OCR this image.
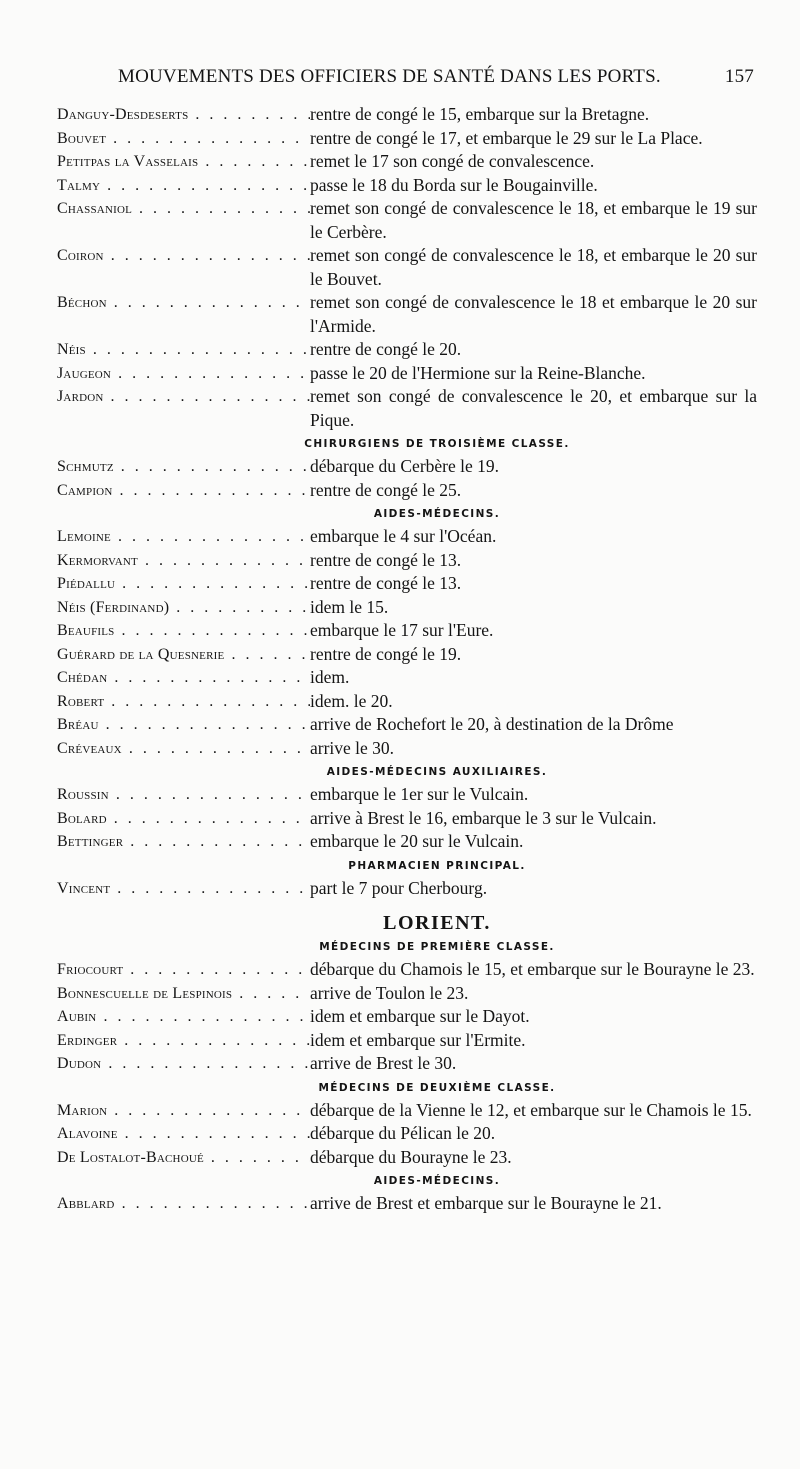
MOUVEMENTS DES OFFICIERS DE SANTÉ DANS LES PORTS.	157
Danguy-Desdeserts . . .	rentre de congé le 15, embarque sur la Bretagne.
Bouvet . . .	rentre de congé le 17, et embarque le 29 sur le La Place.
Petitpas la Vasselais . . .	remet le 17 son congé de convalescence.
Talmy . . .	passe le 18 du Borda sur le Bougainville.
Chassaniol . . .	remet son congé de convalescence le 18, et embarque le 19 sur le Cerbère.
Coiron . . .	remet son congé de convalescence le 18, et embarque le 20 sur le Bouvet.
Béchon . . .	remet son congé de convalescence le 18 et embarque le 20 sur l'Armide.
Néis . . .	rentre de congé le 20.
Jaugeon . . .	passe le 20 de l'Hermione sur la Reine-Blanche.
Jardon . . .	remet son congé de convalescence le 20, et embarque sur la Pique.
CHIRURGIENS DE TROISIÈME CLASSE.
Schmutz . . .	débarque du Cerbère le 19.
Campion . . .	rentre de congé le 25.
AIDES-MÉDECINS.
Lemoine . . .	embarque le 4 sur l'Océan.
Kermorvant . . .	rentre de congé le 13.
Piédallu . . .	rentre de congé le 13.
Néis (Ferdinand) . . .	idem le 15.
Beaufils . . .	embarque le 17 sur l'Eure.
Guérard de la Quesnerie . . .	rentre de congé le 19.
Chédan . . .	idem.
Robert . . .	idem. le 20.
Bréau . . .	arrive de Rochefort le 20, à destination de la Drôme
Créveaux . . .	arrive le 30.
AIDES-MÉDECINS AUXILIAIRES.
Roussin . . .	embarque le 1er sur le Vulcain.
Bolard . . .	arrive à Brest le 16, embarque le 3 sur le Vulcain.
Bettinger . . .	embarque le 20 sur le Vulcain.
PHARMACIEN PRINCIPAL.
Vincent . . .	part le 7 pour Cherbourg.
LORIENT.
MÉDECINS DE PREMIÈRE CLASSE.
Friocourt . . .	débarque du Chamois le 15, et embarque sur le Bourayne le 23.
Bonnescuelle de Lespinois . . .	arrive de Toulon le 23.
Aubin . . .	idem et embarque sur le Dayot.
Erdinger . . .	idem et embarque sur l'Ermite.
Dudon . . .	arrive de Brest le 30.
MÉDECINS DE DEUXIÈME CLASSE.
Marion . . .	débarque de la Vienne le 12, et embarque sur le Chamois le 15.
Alavoine . . .	débarque du Pélican le 20.
De Lostalot-Bachoué . . .	débarque du Bourayne le 23.
AIDES-MÉDECINS.
Abblard . . .	arrive de Brest et embarque sur le Bourayne le 21.
